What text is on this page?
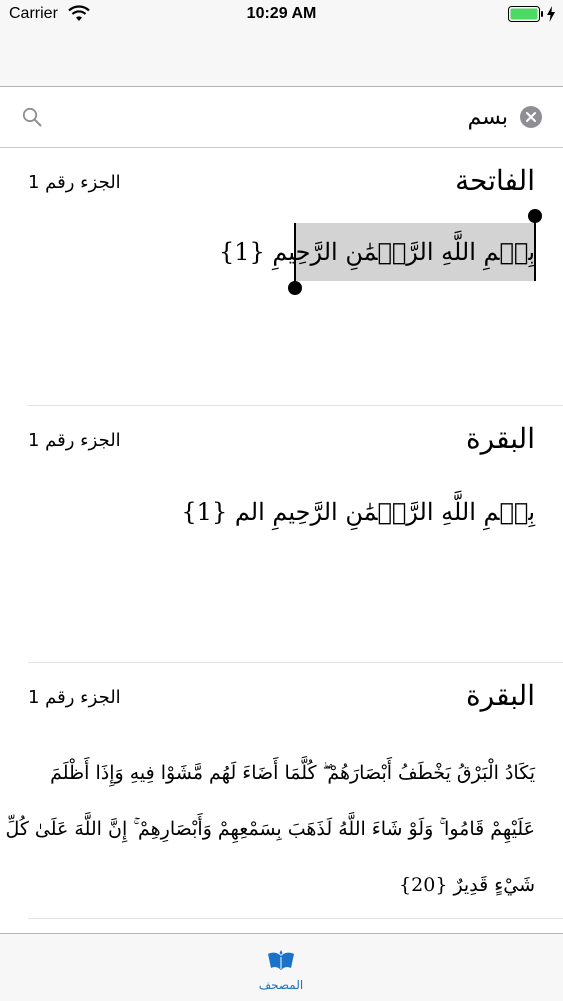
Carrier	10:29 AM
بسم
الفاتحة
الجزء رقم 1
بِسۡمِ اللَّهِ الرَّحۡمَٰنِ الرَّحِيمِ {1}
البقرة
الجزء رقم 1
بِسۡمِ اللَّهِ الرَّحۡمَٰنِ الرَّحِيمِ الم {1}
البقرة
الجزء رقم 1
يَكَادُ الْبَرْقُ يَخْطَفُ أَبْصَارَهُمْ ۖ كُلَّمَا أَضَاءَ لَهُم مَّشَوْا فِيهِ وَإِذَا أَظْلَمَ
عَلَيْهِمْ قَامُوا ۚ وَلَوْ شَاءَ اللَّهُ لَذَهَبَ بِسَمْعِهِمْ وَأَبْصَارِهِمْ ۚ إِنَّ اللَّهَ عَلَىٰ كُلِّ
شَيْءٍ قَدِيرٌ {20}
المصحف
